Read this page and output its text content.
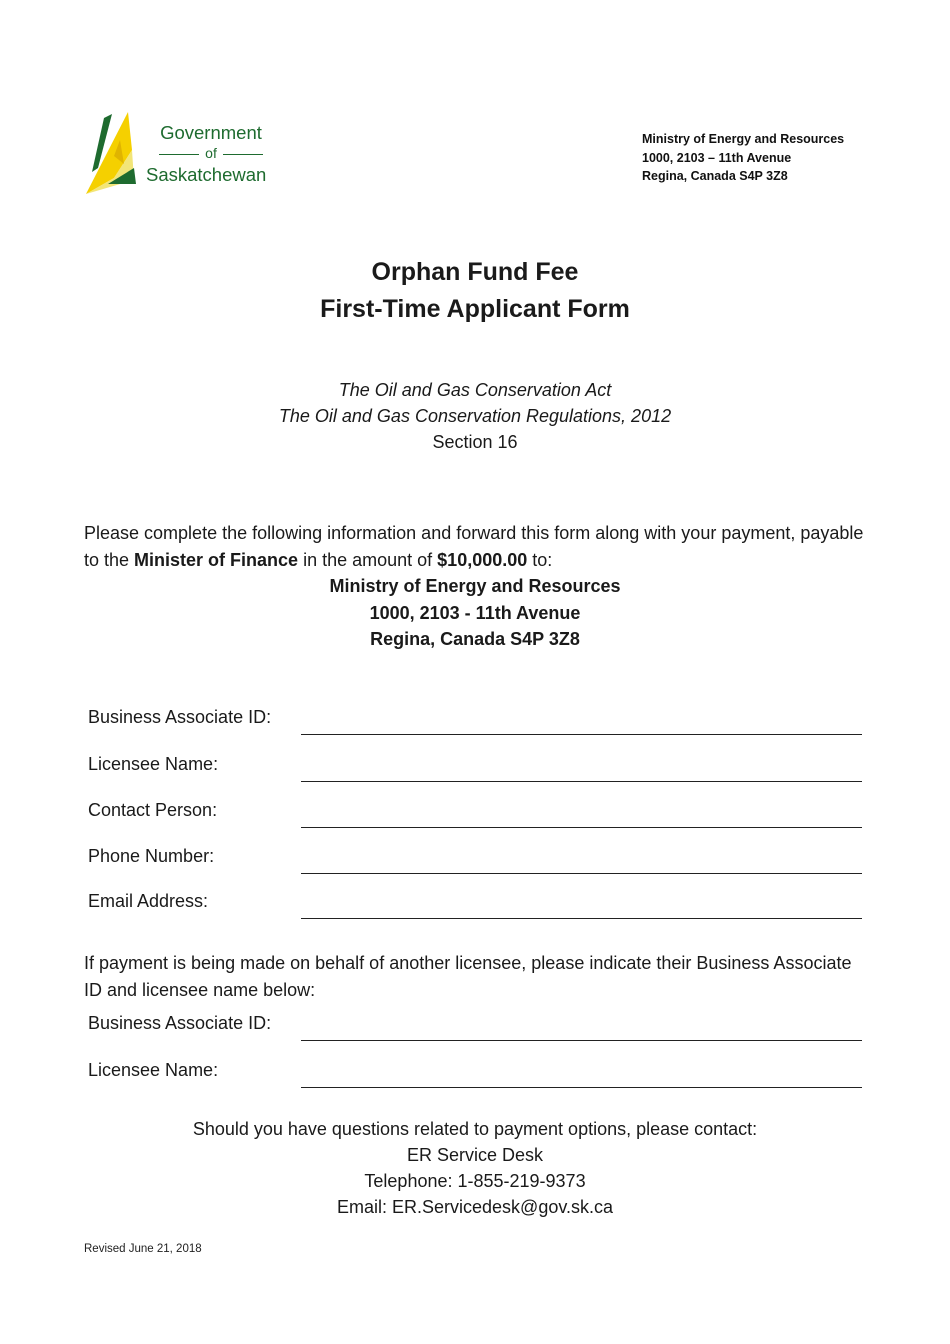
Government
of
Saskatchewan
Ministry of Energy and Resources
1000, 2103 – 11th Avenue
Regina, Canada S4P 3Z8
Orphan Fund Fee
First-Time Applicant Form
The Oil and Gas Conservation Act
The Oil and Gas Conservation Regulations, 2012
Section 16
Please complete the following information and forward this form along with your payment, payable to the Minister of Finance in the amount of $10,000.00 to:
Ministry of Energy and Resources
1000, 2103 - 11th Avenue
Regina, Canada S4P 3Z8
Business Associate ID:
Licensee Name:
Contact Person:
Phone Number:
Email Address:
If payment is being made on behalf of another licensee, please indicate their Business Associate ID and licensee name below:
Business Associate ID:
Licensee Name:
Should you have questions related to payment options, please contact:
ER Service Desk
Telephone: 1-855-219-9373
Email: ER.Servicedesk@gov.sk.ca
Revised June 21, 2018
